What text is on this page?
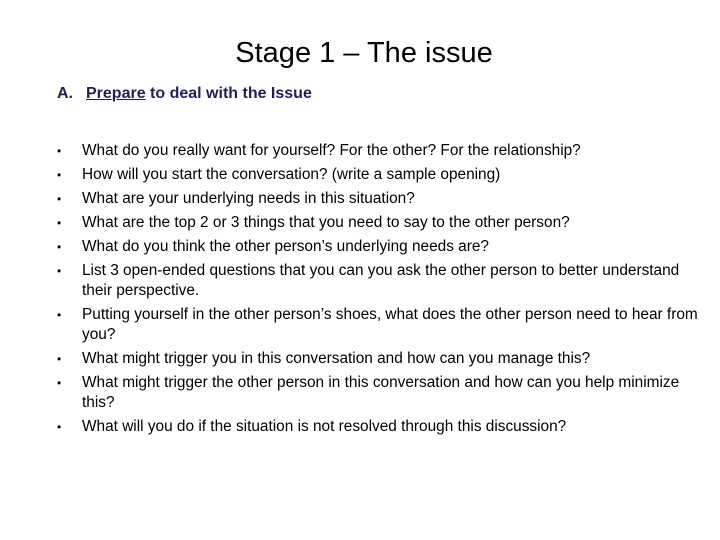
Stage 1 – The issue
A. Prepare to deal with the Issue
•	What do you really want for yourself? For the other? For the relationship?
•	How will you start the conversation? (write a sample opening)
•	What are your underlying needs in this situation?
•	What are the top 2 or 3 things that you need to say to the other person?
•	What do you think the other person’s underlying needs are?
•	List 3 open-ended questions that you can you ask the other person to better understand their perspective.
•	Putting yourself in the other person’s shoes, what does the other person need to hear from you?
•	What might trigger you in this conversation and how can you manage this?
•	What might trigger the other person in this conversation and how can you help minimize this?
•	What will you do if the situation is not resolved through this discussion?
